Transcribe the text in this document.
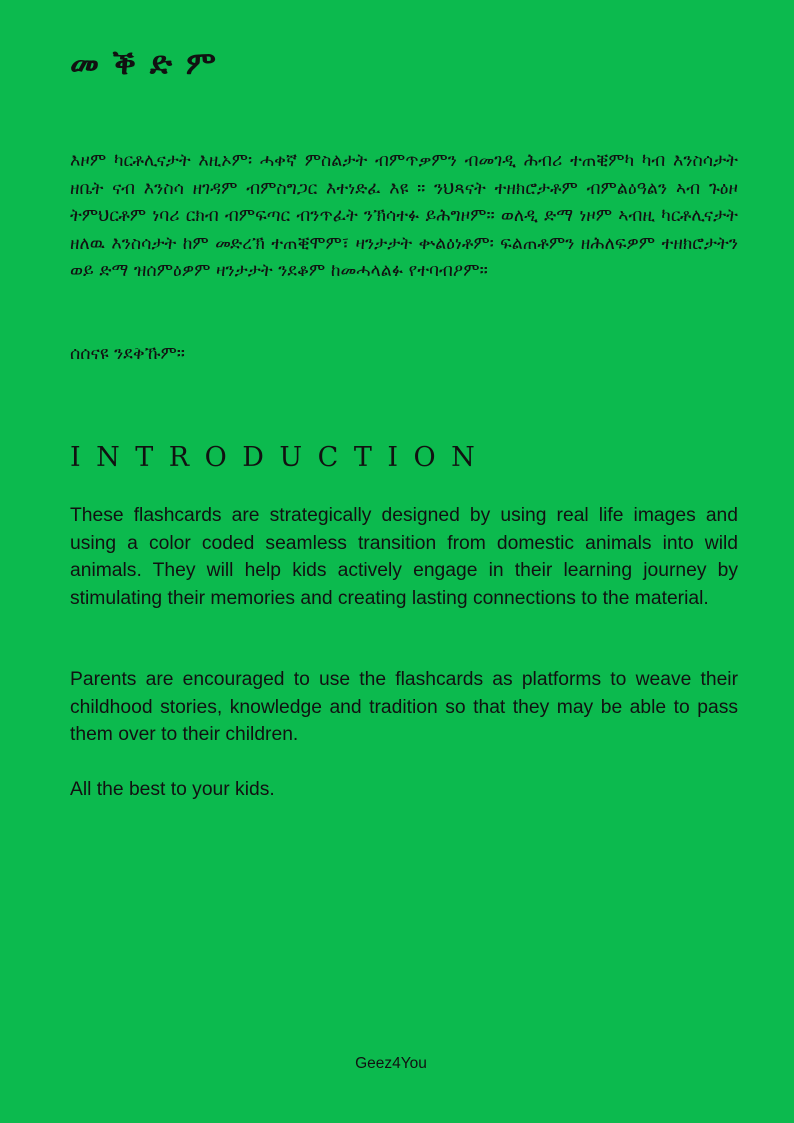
መቕድም

እዞም ካርቶሊናታት እዚኦም፡ ሓቀኛ ምስልታት ብምጥቃምን ብመገዲ ሕብሪ ተጠቒምካ ካብ እንስሳታት ዘቤት ናብ እንስሳ ዘገዳም ብምስግጋር እተነድፈ እዩ ። ንህጻናት ተዘክሮታቶም ብምልዕዓልን ኣብ ጉዕዞ ትምህርቶም ነባሪ ርክብ ብምፍጣር ብንጥፈት ንኽሳተፉ ይሕግዞም። ወለዲ ድማ ነዞም ኣብዚ ካርቶሊናታት ዘለዉ እንስሳታት ከም መድረኽ ተጠቒሞም፣ ዛንታታት ቍልዕነቶም፡ ፍልጠቶምን ዘሕለፍዎም ተዘክሮታትን ወይ ድማ ዝሰምዕዎም ዛንታታት ንደቆም ከመሓላልፉ የተባብዖም።

ሰሰናዩ ንደቅኹም።

INTRODUCTION

These flashcards are strategically designed by using real life images and using a color coded seamless transition from domestic animals into wild animals. They will help kids actively engage in their learning journey by stimulating their memories and creating lasting connections to the material.

Parents are encouraged to use the flashcards as platforms to weave their childhood stories, knowledge and tradition so that they may be able to pass them over to their children.

All the best to your kids.

Geez4You
